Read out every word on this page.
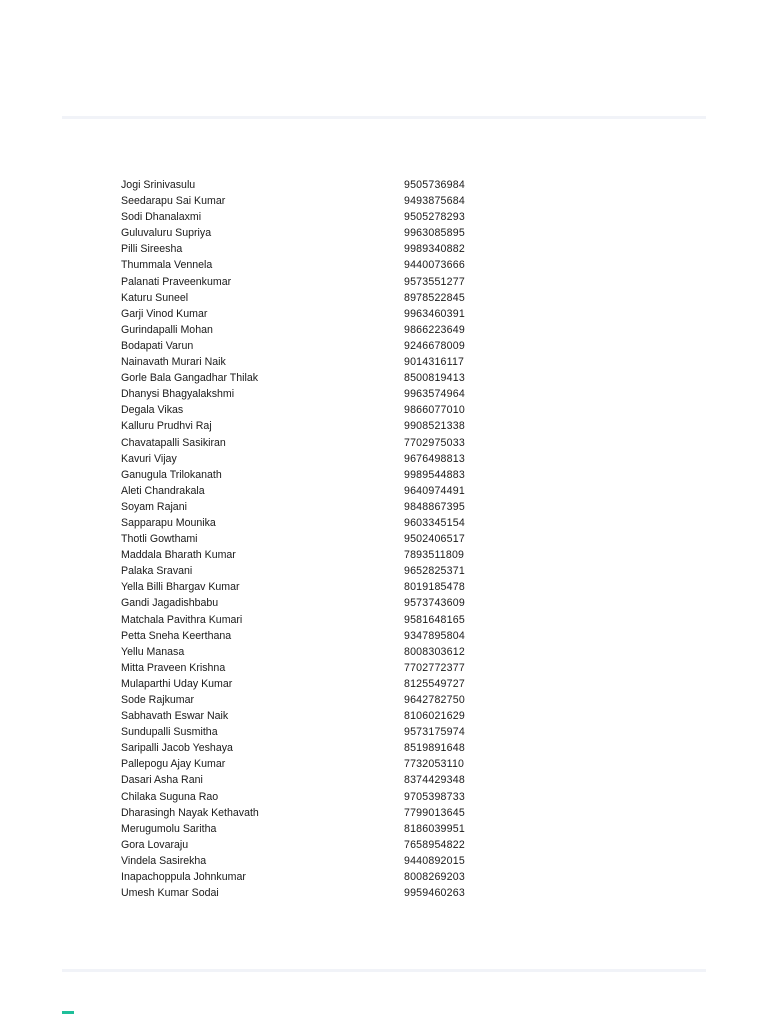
Jogi Srinivasulu	9505736984
Seedarapu Sai Kumar	9493875684
Sodi Dhanalaxmi	9505278293
Guluvaluru Supriya	9963085895
Pilli Sireesha	9989340882
Thummala Vennela	9440073666
Palanati Praveenkumar	9573551277
Katuru Suneel	8978522845
Garji Vinod Kumar	9963460391
Gurindapalli Mohan	9866223649
Bodapati Varun	9246678009
Nainavath Murari Naik	9014316117
Gorle Bala Gangadhar Thilak	8500819413
Dhanysi Bhagyalakshmi	9963574964
Degala Vikas	9866077010
Kalluru Prudhvi Raj	9908521338
Chavatapalli Sasikiran	7702975033
Kavuri Vijay	9676498813
Ganugula Trilokanath	9989544883
Aleti Chandrakala	9640974491
Soyam Rajani	9848867395
Sapparapu Mounika	9603345154
Thotli Gowthami	9502406517
Maddala Bharath Kumar	7893511809
Palaka Sravani	9652825371
Yella Billi Bhargav Kumar	8019185478
Gandi Jagadishbabu	9573743609
Matchala Pavithra Kumari	9581648165
Petta Sneha Keerthana	9347895804
Yellu Manasa	8008303612
Mitta Praveen Krishna	7702772377
Mulaparthi Uday Kumar	8125549727
Sode Rajkumar	9642782750
Sabhavath Eswar Naik	8106021629
Sundupalli Susmitha	9573175974
Saripalli Jacob Yeshaya	8519891648
Pallepogu Ajay Kumar	7732053110
Dasari Asha Rani	8374429348
Chilaka Suguna Rao	9705398733
Dharasingh Nayak Kethavath	7799013645
Merugumolu Saritha	8186039951
Gora Lovaraju	7658954822
Vindela Sasirekha	9440892015
Inapachoppula Johnkumar	8008269203
Umesh Kumar Sodai	9959460263
